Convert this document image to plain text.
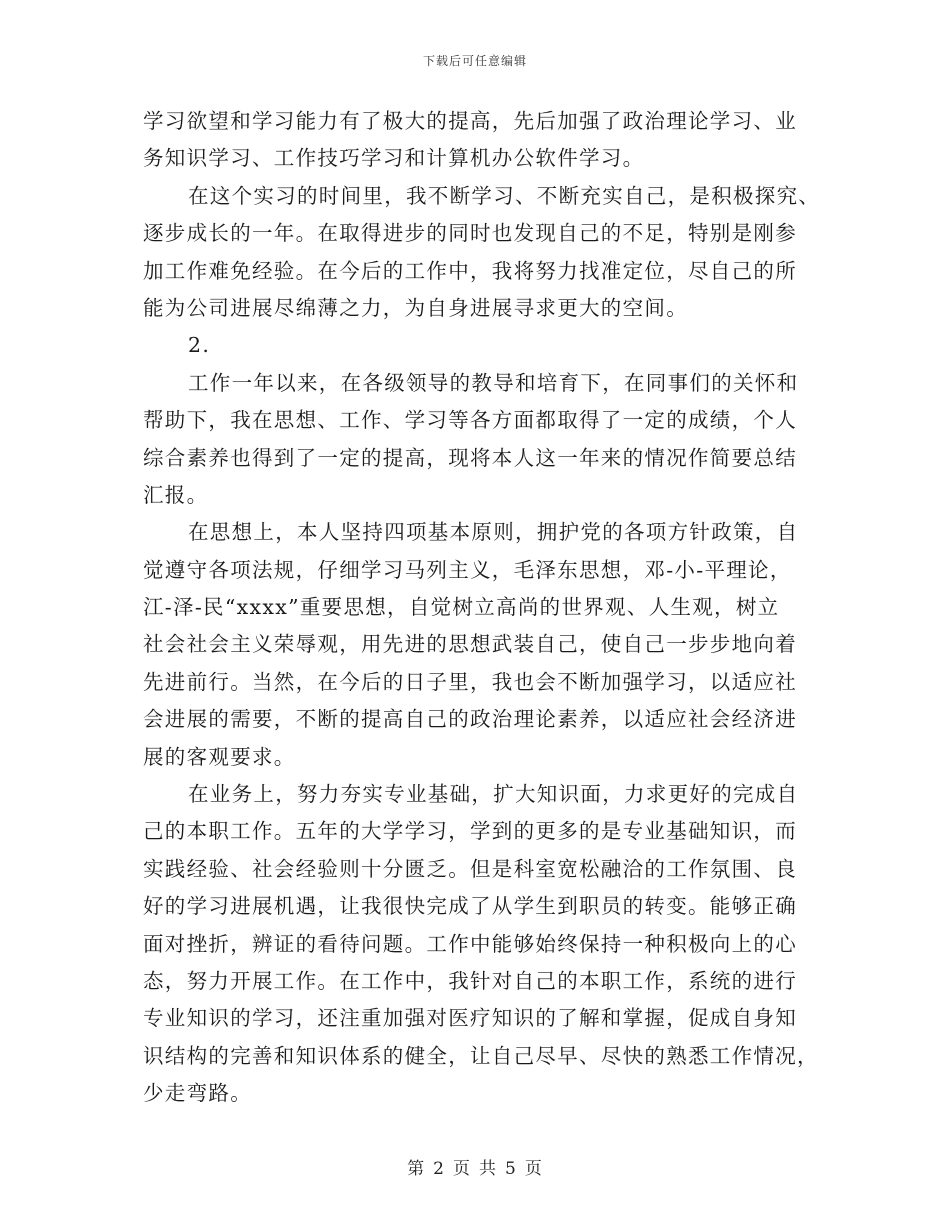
下载后可任意编辑
学习欲望和学习能力有了极大的提高，先后加强了政治理论学习、业
务知识学习、工作技巧学习和计算机办公软件学习。
在这个实习的时间里，我不断学习、不断充实自己，是积极探究、
逐步成长的一年。在取得进步的同时也发现自己的不足，特别是刚参
加工作难免经验。在今后的工作中，我将努力找准定位，尽自己的所
能为公司进展尽绵薄之力，为自身进展寻求更大的空间。
2.
工作一年以来，在各级领导的教导和培育下，在同事们的关怀和
帮助下，我在思想、工作、学习等各方面都取得了一定的成绩，个人
综合素养也得到了一定的提高，现将本人这一年来的情况作简要总结
汇报。
在思想上，本人坚持四项基本原则，拥护党的各项方针政策，自
觉遵守各项法规，仔细学习马列主义，毛泽东思想，邓-小-平理论，
江-泽-民“xxxx”重要思想，自觉树立高尚的世界观、人生观，树立
社会社会主义荣辱观，用先进的思想武装自己，使自己一步步地向着
先进前行。当然，在今后的日子里，我也会不断加强学习，以适应社
会进展的需要，不断的提高自己的政治理论素养，以适应社会经济进
展的客观要求。
在业务上，努力夯实专业基础，扩大知识面，力求更好的完成自
己的本职工作。五年的大学学习，学到的更多的是专业基础知识，而
实践经验、社会经验则十分匮乏。但是科室宽松融洽的工作氛围、良
好的学习进展机遇，让我很快完成了从学生到职员的转变。能够正确
面对挫折，辨证的看待问题。工作中能够始终保持一种积极向上的心
态，努力开展工作。在工作中，我针对自己的本职工作，系统的进行
专业知识的学习，还注重加强对医疗知识的了解和掌握，促成自身知
识结构的完善和知识体系的健全，让自己尽早、尽快的熟悉工作情况，
少走弯路。
第 2 页 共 5 页
